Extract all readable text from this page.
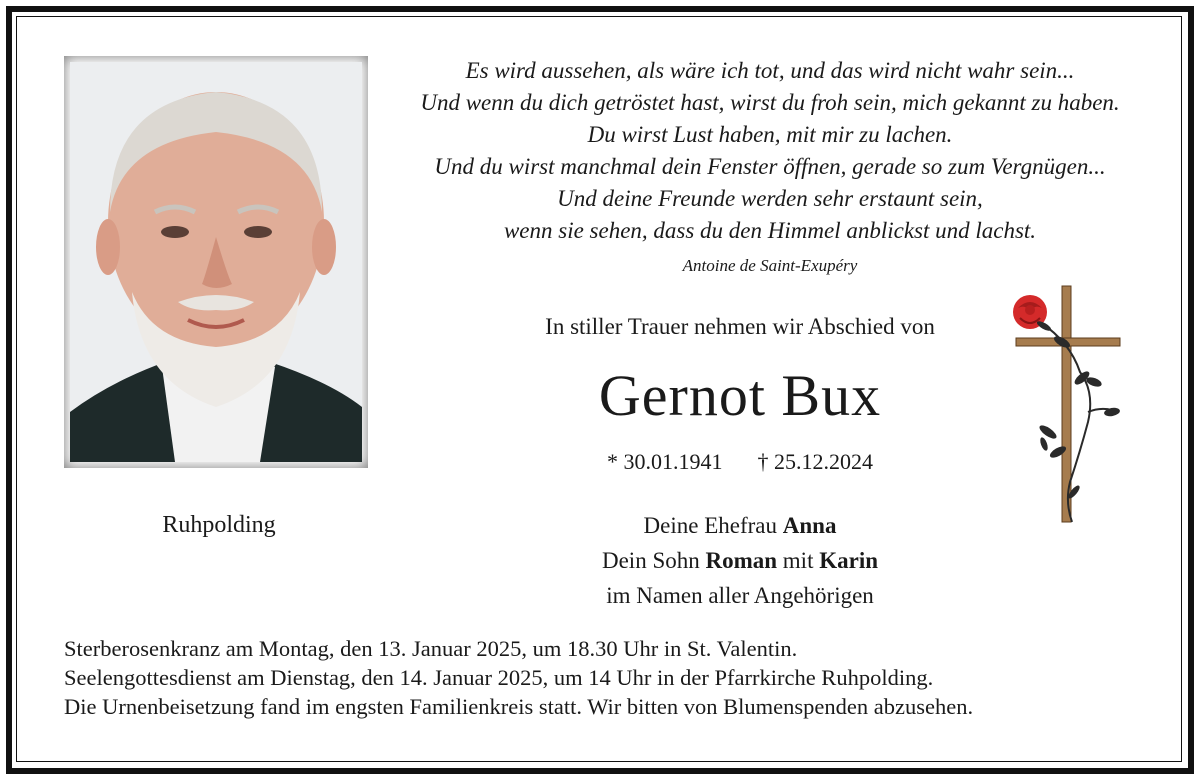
Ruhpolding
Es wird aussehen, als wäre ich tot, und das wird nicht wahr sein...
Und wenn du dich getröstet hast, wirst du froh sein, mich gekannt zu haben.
Du wirst Lust haben, mit mir zu lachen.
Und du wirst manchmal dein Fenster öffnen, gerade so zum Vergnügen...
Und deine Freunde werden sehr erstaunt sein,
wenn sie sehen, dass du den Himmel anblickst und lachst.
Antoine de Saint-Exupéry
In stiller Trauer nehmen wir Abschied von
Gernot Bux
* 30.01.1941 † 25.12.2024
Deine Ehefrau Anna
Dein Sohn Roman mit Karin
im Namen aller Angehörigen
Sterberosenkranz am Montag, den 13. Januar 2025, um 18.30 Uhr in St. Valentin.
Seelengottesdienst am Dienstag, den 14. Januar 2025, um 14 Uhr in der Pfarrkirche Ruhpolding.
Die Urnenbeisetzung fand im engsten Familienkreis statt. Wir bitten von Blumenspenden abzusehen.
